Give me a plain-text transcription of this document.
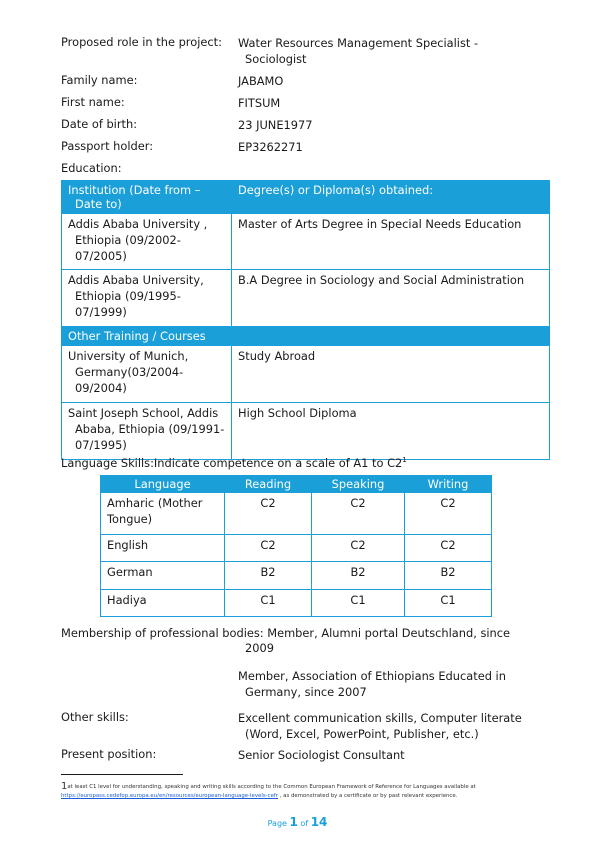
Proposed role in the project: Water Resources Management Specialist -
Sociologist
Family name:	JABAMO
First name:	FITSUM
Date of birth:	23 JUNE1977
Passport holder:	EP3262271
Education:
Institution (Date from – Date to)	Degree(s) or Diploma(s) obtained:

Addis Ababa University , Ethiopia (09/2002-07/2005)	Master of Arts Degree in Special Needs Education

Addis Ababa University, Ethiopia (09/1995-07/1999)	B.A Degree in Sociology and Social Administration
Other Training / Courses	

University of Munich, Germany(03/2004-09/2004)	Study Abroad

Saint Joseph School, Addis Ababa, Ethiopia (09/1991-07/1995)	High School Diploma
Language Skills:Indicate competence on a scale of A1 to $C2^1$
Language	Reading	Speaking	Writing
Amharic (Mother Tongue)	C2	C2	C2
English	C2	C2	C2
German	B2	B2	B2
Hadiya	C1	C1	C1
Membership of professional bodies: Member, Alumni portal Deutschland, since
2009
Member, Association of Ethiopians Educated in
Germany, since 2007
Other skills:	Excellent communication skills, Computer literate
(Word, Excel, PowerPoint, Publisher, etc.)
Present position:	Senior Sociologist Consultant
1at least C1 level for understanding, speaking and writing skills according to the Common European Framework of Reference for Languages available at
https://europass.cedefop.europa.eu/en/resources/european-language-levels-cefr , as demonstrated by a certificate or by past relevant experience.
Page 1 of 14
